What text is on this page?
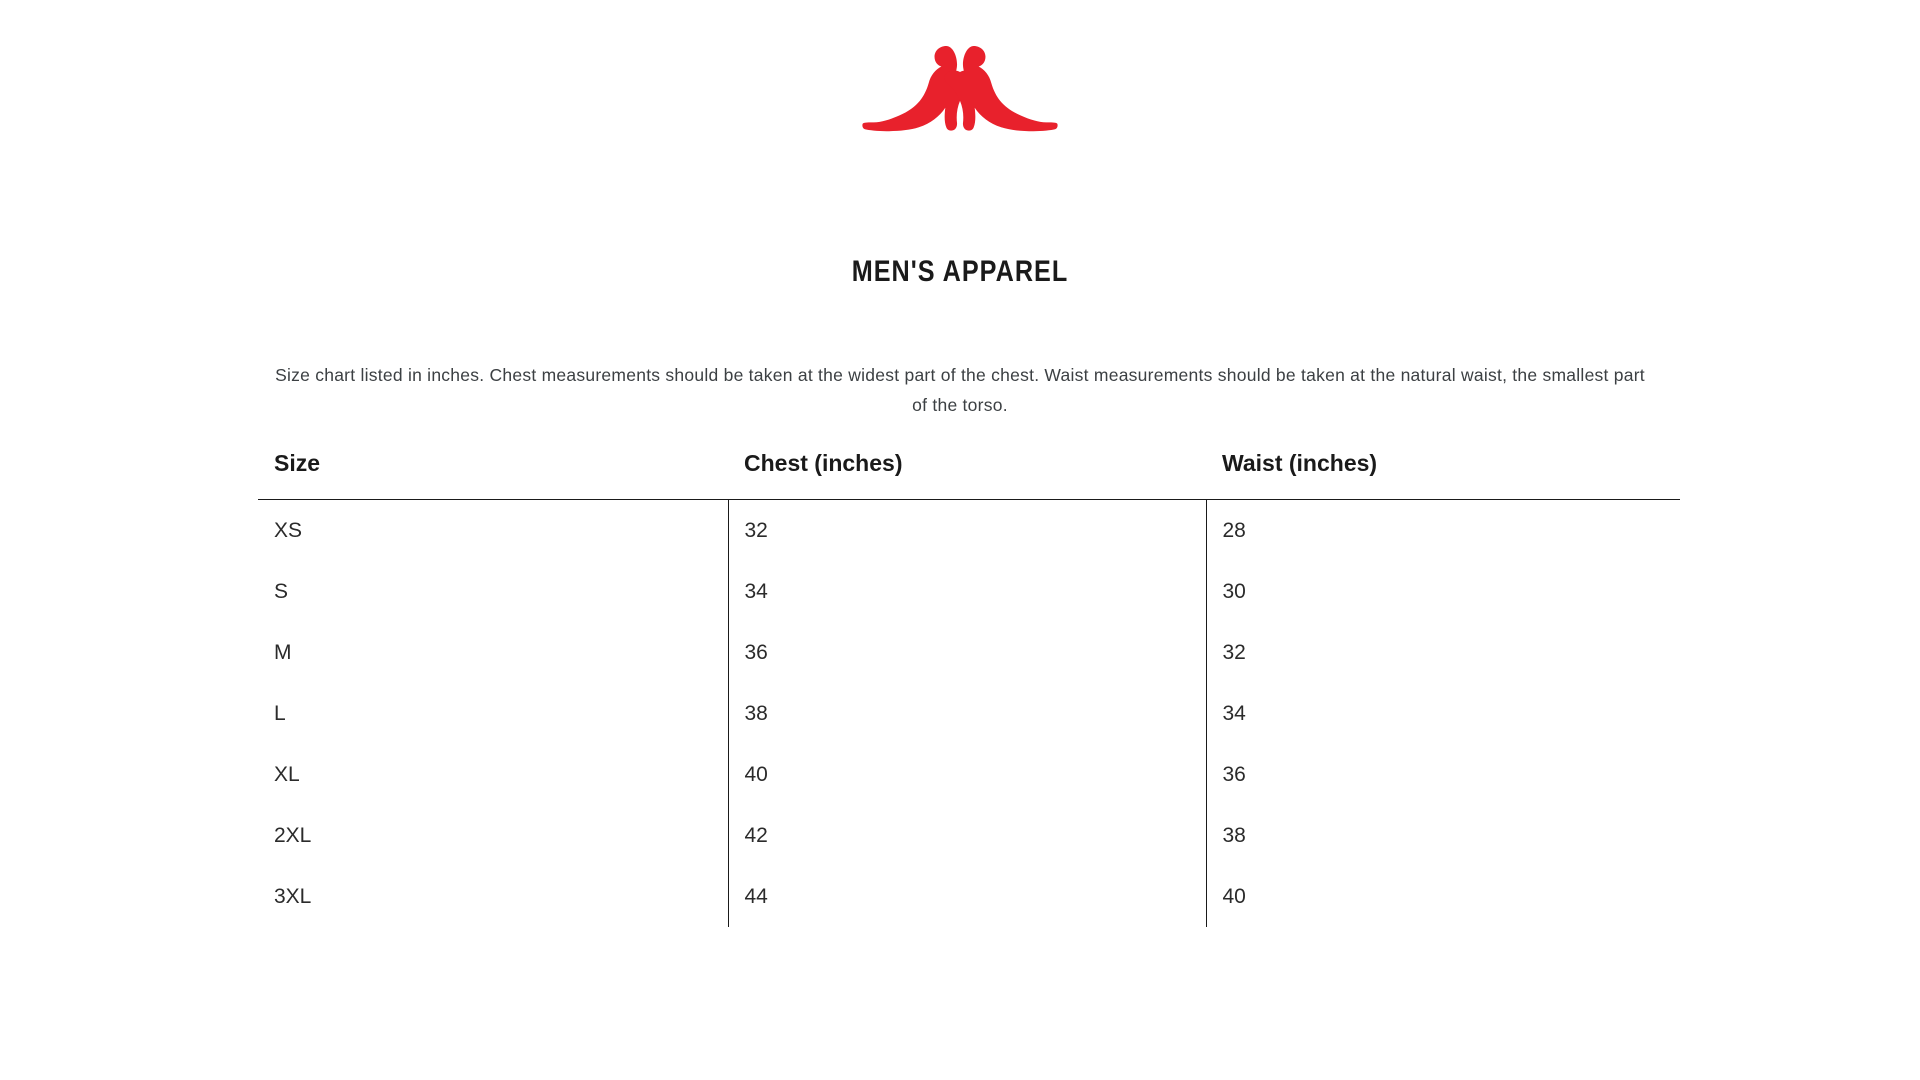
MEN'S APPAREL
Size chart listed in inches. Chest measurements should be taken at the widest part of the chest. Waist measurements should be taken at the natural waist, the smallest part of the torso.
Size	Chest (inches)	Waist (inches)
XS	32	28
S	34	30
M	36	32
L	38	34
XL	40	36
2XL	42	38
3XL	44	40
